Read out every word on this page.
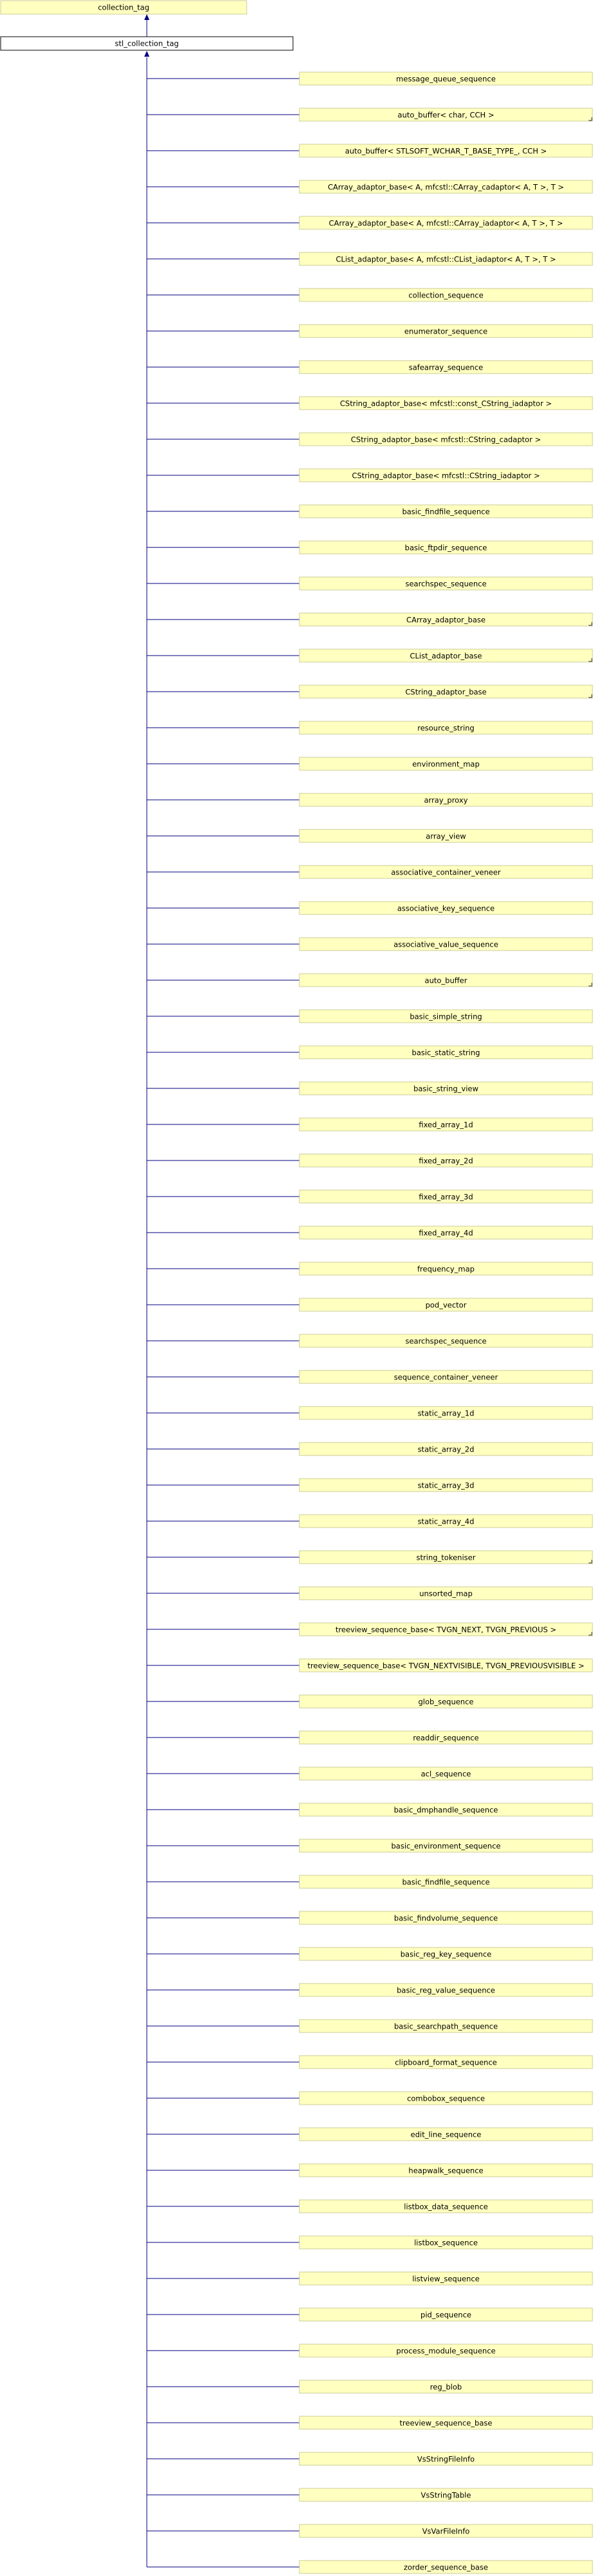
collection_tag
stl_collection_tag
message_queue_sequence
auto_buffer< char, CCH >
auto_buffer< STLSOFT_WCHAR_T_BASE_TYPE_, CCH >
CArray_adaptor_base< A, mfcstl::CArray_cadaptor< A, T >, T >
CArray_adaptor_base< A, mfcstl::CArray_iadaptor< A, T >, T >
CList_adaptor_base< A, mfcstl::CList_iadaptor< A, T >, T >
collection_sequence
enumerator_sequence
safearray_sequence
CString_adaptor_base< mfcstl::const_CString_iadaptor >
CString_adaptor_base< mfcstl::CString_cadaptor >
CString_adaptor_base< mfcstl::CString_iadaptor >
basic_findfile_sequence
basic_ftpdir_sequence
searchspec_sequence
CArray_adaptor_base
CList_adaptor_base
CString_adaptor_base
resource_string
environment_map
array_proxy
array_view
associative_container_veneer
associative_key_sequence
associative_value_sequence
auto_buffer
basic_simple_string
basic_static_string
basic_string_view
fixed_array_1d
fixed_array_2d
fixed_array_3d
fixed_array_4d
frequency_map
pod_vector
searchspec_sequence
sequence_container_veneer
static_array_1d
static_array_2d
static_array_3d
static_array_4d
string_tokeniser
unsorted_map
treeview_sequence_base< TVGN_NEXT, TVGN_PREVIOUS >
treeview_sequence_base< TVGN_NEXTVISIBLE, TVGN_PREVIOUSVISIBLE >
glob_sequence
readdir_sequence
acl_sequence
basic_dmphandle_sequence
basic_environment_sequence
basic_findfile_sequence
basic_findvolume_sequence
basic_reg_key_sequence
basic_reg_value_sequence
basic_searchpath_sequence
clipboard_format_sequence
combobox_sequence
edit_line_sequence
heapwalk_sequence
listbox_data_sequence
listbox_sequence
listview_sequence
pid_sequence
process_module_sequence
reg_blob
treeview_sequence_base
VsStringFileInfo
VsStringTable
VsVarFileInfo
zorder_sequence_base
